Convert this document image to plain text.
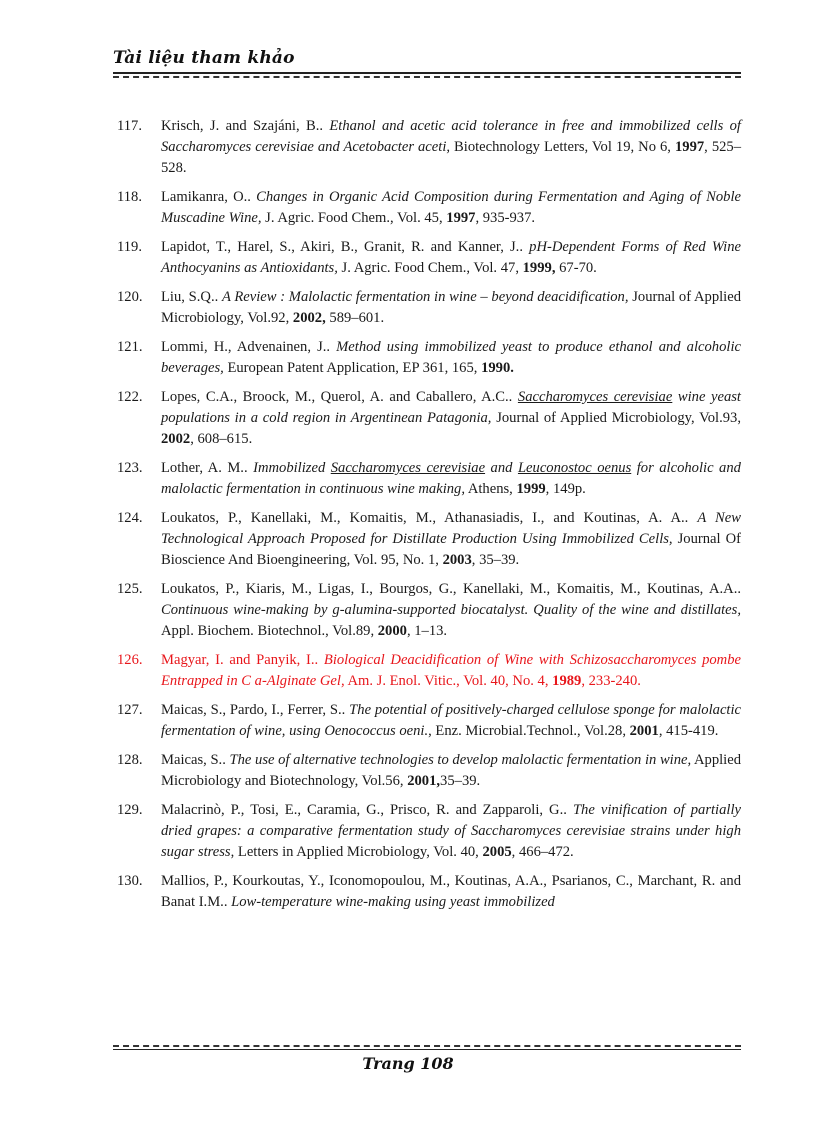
Tài liệu tham khảo
117.	Krisch, J. and Szajáni, B.. Ethanol and acetic acid tolerance in free and immobilized cells of Saccharomyces cerevisiae and Acetobacter aceti, Biotechnology Letters, Vol 19, No 6, 1997, 525–528.
118.	Lamikanra, O.. Changes in Organic Acid Composition during Fermentation and Aging of Noble Muscadine Wine, J. Agric. Food Chem., Vol. 45, 1997, 935-937.
119.	Lapidot, T., Harel, S., Akiri, B., Granit, R. and Kanner, J.. pH-Dependent Forms of Red Wine Anthocyanins as Antioxidants, J. Agric. Food Chem., Vol. 47, 1999, 67-70.
120.	Liu, S.Q.. A Review : Malolactic fermentation in wine – beyond deacidification, Journal of Applied Microbiology, Vol.92, 2002, 589–601.
121.	Lommi, H., Advenainen, J.. Method using immobilized yeast to produce ethanol and alcoholic beverages, European Patent Application, EP 361, 165, 1990.
122.	Lopes, C.A., Broock, M., Querol, A. and Caballero, A.C.. Saccharomyces cerevisiae wine yeast populations in a cold region in Argentinean Patagonia, Journal of Applied Microbiology, Vol.93, 2002, 608–615.
123.	Lother, A. M.. Immobilized Saccharomyces cerevisiae and Leuconostoc oenus for alcoholic and malolactic fermentation in continuous wine making, Athens, 1999, 149p.
124.	Loukatos, P., Kanellaki, M., Komaitis, M., Athanasiadis, I., and Koutinas, A. A.. A New Technological Approach Proposed for Distillate Production Using Immobilized Cells, Journal Of Bioscience And Bioengineering, Vol. 95, No. 1, 2003, 35–39.
125.	Loukatos, P., Kiaris, M., Ligas, I., Bourgos, G., Kanellaki, M., Komaitis, M., Koutinas, A.A.. Continuous wine-making by g-alumina-supported biocatalyst. Quality of the wine and distillates, Appl. Biochem. Biotechnol., Vol.89, 2000, 1–13.
126.	Magyar, I. and Panyik, I.. Biological Deacidification of Wine with Schizosaccharomyces pombe Entrapped in C a-Alginate Gel, Am. J. Enol. Vitic., Vol. 40, No. 4, 1989, 233-240.
127.	Maicas, S., Pardo, I., Ferrer, S.. The potential of positively-charged cellulose sponge for malolactic fermentation of wine, using Oenococcus oeni., Enz. Microbial.Technol., Vol.28, 2001, 415-419.
128.	Maicas, S.. The use of alternative technologies to develop malolactic fermentation in wine, Applied Microbiology and Biotechnology, Vol.56, 2001,35–39.
129.	Malacrinò, P., Tosi, E., Caramia, G., Prisco, R. and Zapparoli, G.. The vinification of partially dried grapes: a comparative fermentation study of Saccharomyces cerevisiae strains under high sugar stress, Letters in Applied Microbiology, Vol. 40, 2005, 466–472.
130.	Mallios, P., Kourkoutas, Y., Iconomopoulou, M., Koutinas, A.A., Psarianos, C., Marchant, R. and Banat I.M.. Low-temperature wine-making using yeast immobilized
Trang 108
